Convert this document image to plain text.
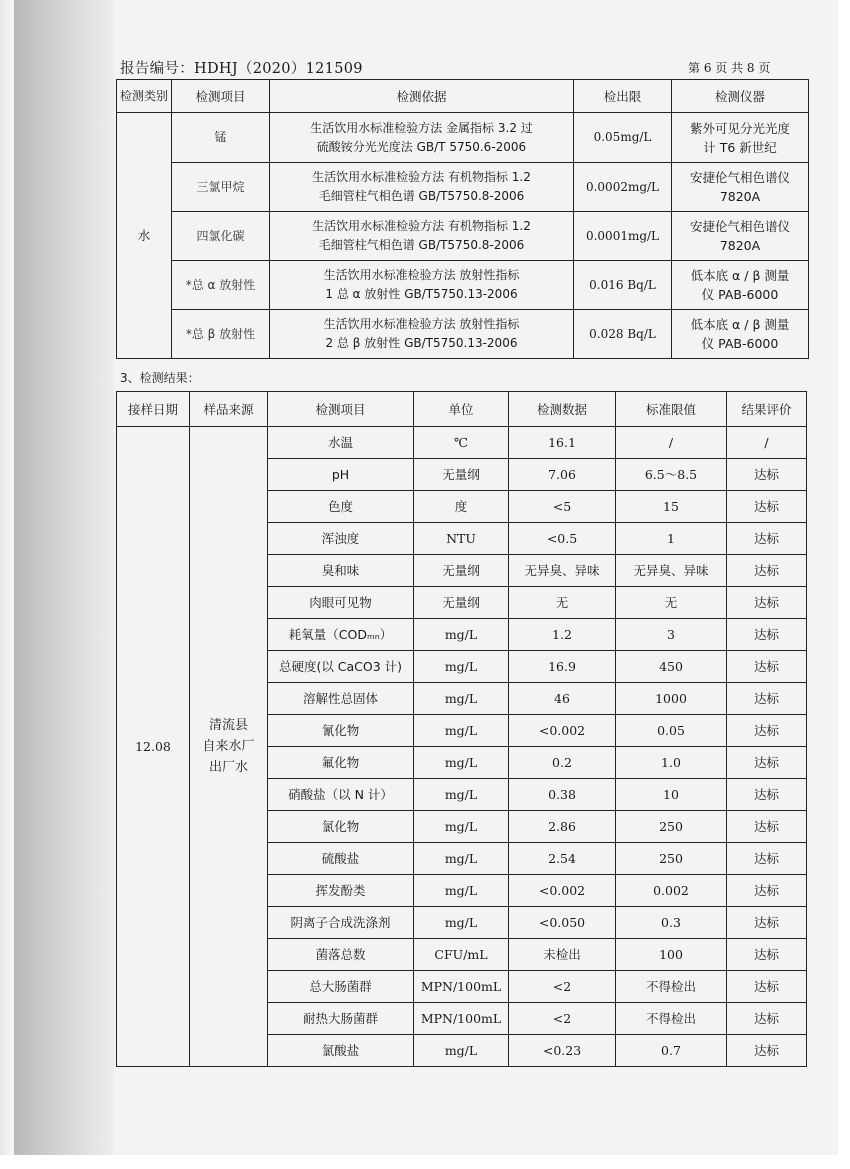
报告编号：HDHJ（2020）121509	第 6 页 共 8 页
检测类别	检测项目	检测依据	检出限	检测仪器
水	锰	生活饮用水标准检验方法 金属指标 3.2 过
硫酸铵分光光度法 GB/T 5750.6-2006	0.05mg/L	紫外可见分光光度
计 T6 新世纪
	三氯甲烷	生活饮用水标准检验方法 有机物指标 1.2
毛细管柱气相色谱 GB/T5750.8-2006	0.0002mg/L	安捷伦气相色谱仪
7820A
	四氯化碳	生活饮用水标准检验方法 有机物指标 1.2
毛细管柱气相色谱 GB/T5750.8-2006	0.0001mg/L	安捷伦气相色谱仪
7820A
	*总 α 放射性	生活饮用水标准检验方法 放射性指标
1 总 α 放射性 GB/T5750.13-2006	0.016 Bq/L	低本底 α / β 测量
仪 PAB-6000
	*总 β 放射性	生活饮用水标准检验方法 放射性指标
2 总 β 放射性 GB/T5750.13-2006	0.028 Bq/L	低本底 α / β 测量
仪 PAB-6000
3、检测结果：
接样日期	样品来源	检测项目	单位	检测数据	标准限值	结果评价
12.08	清流县
自来水厂
出厂水	水温	℃	16.1	/	/
		pH	无量纲	7.06	6.5～8.5	达标
		色度	度	<5	15	达标
		浑浊度	NTU	<0.5	1	达标
		臭和味	无量纲	无异臭、异味	无异臭、异味	达标
		肉眼可见物	无量纲	无	无	达标
		耗氧量（CODₘₙ）	mg/L	1.2	3	达标
		总硬度(以 CaCO3 计)	mg/L	16.9	450	达标
		溶解性总固体	mg/L	46	1000	达标
		氰化物	mg/L	<0.002	0.05	达标
		氟化物	mg/L	0.2	1.0	达标
		硝酸盐（以 N 计）	mg/L	0.38	10	达标
		氯化物	mg/L	2.86	250	达标
		硫酸盐	mg/L	2.54	250	达标
		挥发酚类	mg/L	<0.002	0.002	达标
		阴离子合成洗涤剂	mg/L	<0.050	0.3	达标
		菌落总数	CFU/mL	未检出	100	达标
		总大肠菌群	MPN/100mL	<2	不得检出	达标
		耐热大肠菌群	MPN/100mL	<2	不得检出	达标
		氯酸盐	mg/L	<0.23	0.7	达标
